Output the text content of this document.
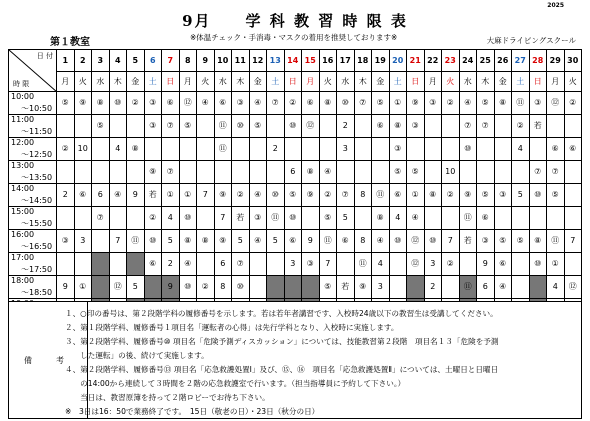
2025
9月　　学 科 教 習 時 限 表
第１教室	※体温チェック・手消毒・マスクの着用を推奨しております※	大麻ドライビングスクール
日 付
時 限	1	2	3	4	5	6	7	8	9	10	11	12	13	14	15	16	17	18	19	20	21	22	23	24	25	26	27	28	29	30
	月	火	水	木	金	土	日	月	火	水	木	金	土	日	月	火	水	木	金	土	日	月	火	水	木	金	土	日	月	火

10:00
～10:50	⑤	⑨	⑧	⑩	②	③	⑥	⑫	④	⑥	③	④	⑦	②	⑥	⑧	⑩	⑦	⑤	①	⑨	③	②	④	⑤	⑧	⑪	③	⑫	②

11:00
～11:50			⑤			③	⑦	⑤		⑪	⑩	⑤		⑩	⑫		2		⑥	⑧	③			⑦	⑦		②	若		

12:00
～12:50	②	10		4	⑧					⑪			2				3			③				⑩			4		⑥	⑥

13:00
～13:50						⑨	⑦							6	⑧	④				⑤	⑤		10					⑦	⑦	

14:00
～14:50	2	⑥	6	④	9	若	①	①	7	⑨	②	④	⑩	⑤	⑨	②	⑦	8	⑪	⑥	①	⑧	②	⑨	⑤	③	5	⑩	⑤	

15:00
～15:50			⑦			②	4	⑩		7	若	③	⑪	⑩		⑤	5		⑧	4	④			⑪	⑥					

16:00
～16:50	③	3		7	⑪	⑩	5	⑧	⑧	⑨	5	④	5	⑥	9	⑪	⑥	8	④	⑩	⑫	⑩	7	若	③	⑤	⑤	⑧	⑪	7

17:00
～17:50						⑥	2	④		6	⑦			3	③	7		⑪	4		⑫	3	②		9	⑥		⑩	①	

18:00
～18:50	9	①		⑫	5		9	⑩	②	8	⑩					⑤	若	⑨	3			2		⑪	6	④			4	⑫

備　考
１、○印の番号は、第２段階学科の履修番号を示します。若は若年者講習です、入校時24歳以下の教習生は受講してください。
２、第１段階学科、履修番号１項目名「運転者の心得」は先行学科となり、入校時に実施します。
３、第２段階学科、履修番号⑩ 項目名「危険予測ディスカッション」については、技能教習第２段階　項目名１３「危険を予測
　　した運転」の後、続けて実施します。
４、第２段階学科、履修番号⑬ 項目名「応急救護処置Ⅰ」及び、⑮、⑯　項目名「応急救護処置Ⅱ」については、土曜日と日曜日
　　の14:00から連続して３時間を２階の応急救護室で行います。（担当指導員に予約して下さい。）
　　当日は、教習原簿を持って２階ロビーでお待ち下さい。
※　3日は16：50で業務終了です。　15日（敬老の日）・23日（秋分の日）
